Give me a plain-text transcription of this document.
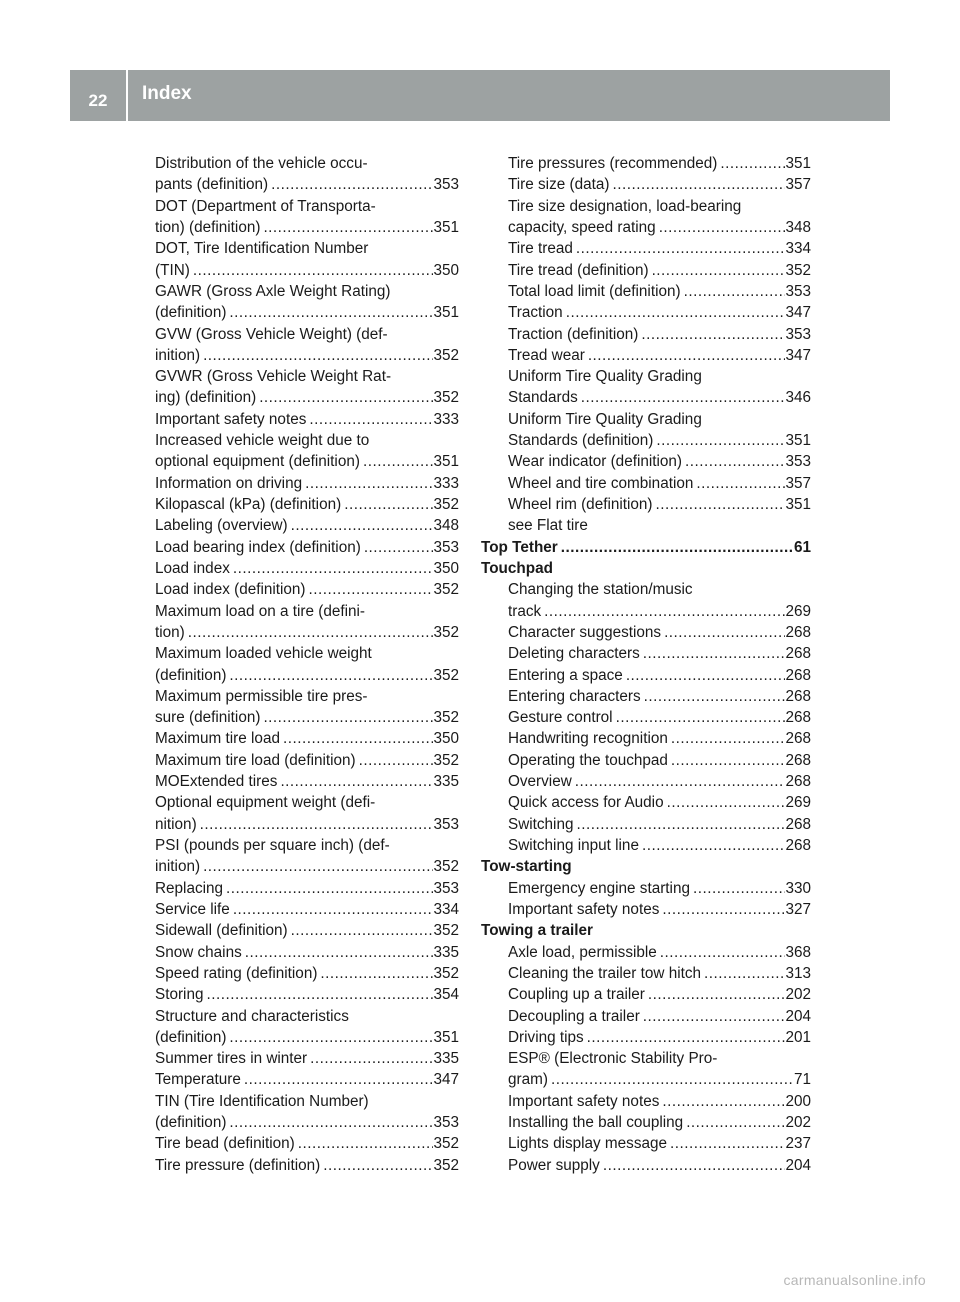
22	Index
Distribution of the vehicle occu-
pants (definition) .....	353
DOT (Department of Transporta-
tion) (definition) .....	351
DOT, Tire Identification Number
(TIN) .....	350
GAWR (Gross Axle Weight Rating)
(definition) .....	351
GVW (Gross Vehicle Weight) (def-
inition) .....	352
GVWR (Gross Vehicle Weight Rat-
ing) (definition) .....	352
Important safety notes .....	333
Increased vehicle weight due to
optional equipment (definition) .....	351
Information on driving .....	333
Kilopascal (kPa) (definition) .....	352
Labeling (overview) .....	348
Load bearing index (definition) .....	353
Load index .....	350
Load index (definition) .....	352
Maximum load on a tire (defini-
tion) .....	352
Maximum loaded vehicle weight
(definition) .....	352
Maximum permissible tire pres-
sure (definition) .....	352
Maximum tire load .....	350
Maximum tire load (definition) .....	352
MOExtended tires .....	335
Optional equipment weight (defi-
nition) .....	353
PSI (pounds per square inch) (def-
inition) .....	352
Replacing .....	353
Service life .....	334
Sidewall (definition) .....	352
Snow chains .....	335
Speed rating (definition) .....	352
Storing .....	354
Structure and characteristics
(definition) .....	351
Summer tires in winter .....	335
Temperature .....	347
TIN (Tire Identification Number)
(definition) .....	353
Tire bead (definition) .....	352
Tire pressure (definition) .....	352
Tire pressures (recommended) .....	351
Tire size (data) .....	357
Tire size designation, load-bearing
capacity, speed rating .....	348
Tire tread .....	334
Tire tread (definition) .....	352
Total load limit (definition) .....	353
Traction .....	347
Traction (definition) .....	353
Tread wear .....	347
Uniform Tire Quality Grading
Standards .....	346
Uniform Tire Quality Grading
Standards (definition) .....	351
Wear indicator (definition) .....	353
Wheel and tire combination .....	357
Wheel rim (definition) .....	351
see Flat tire
Top Tether .....	61
Touchpad
Changing the station/music
track .....	269
Character suggestions .....	268
Deleting characters .....	268
Entering a space .....	268
Entering characters .....	268
Gesture control .....	268
Handwriting recognition .....	268
Operating the touchpad .....	268
Overview .....	268
Quick access for Audio .....	269
Switching .....	268
Switching input line .....	268
Tow-starting
Emergency engine starting .....	330
Important safety notes .....	327
Towing a trailer
Axle load, permissible .....	368
Cleaning the trailer tow hitch .....	313
Coupling up a trailer .....	202
Decoupling a trailer .....	204
Driving tips .....	201
ESP® (Electronic Stability Pro-
gram) .....	71
Important safety notes .....	200
Installing the ball coupling .....	202
Lights display message .....	237
Power supply .....	204
carmanualsonline.info
